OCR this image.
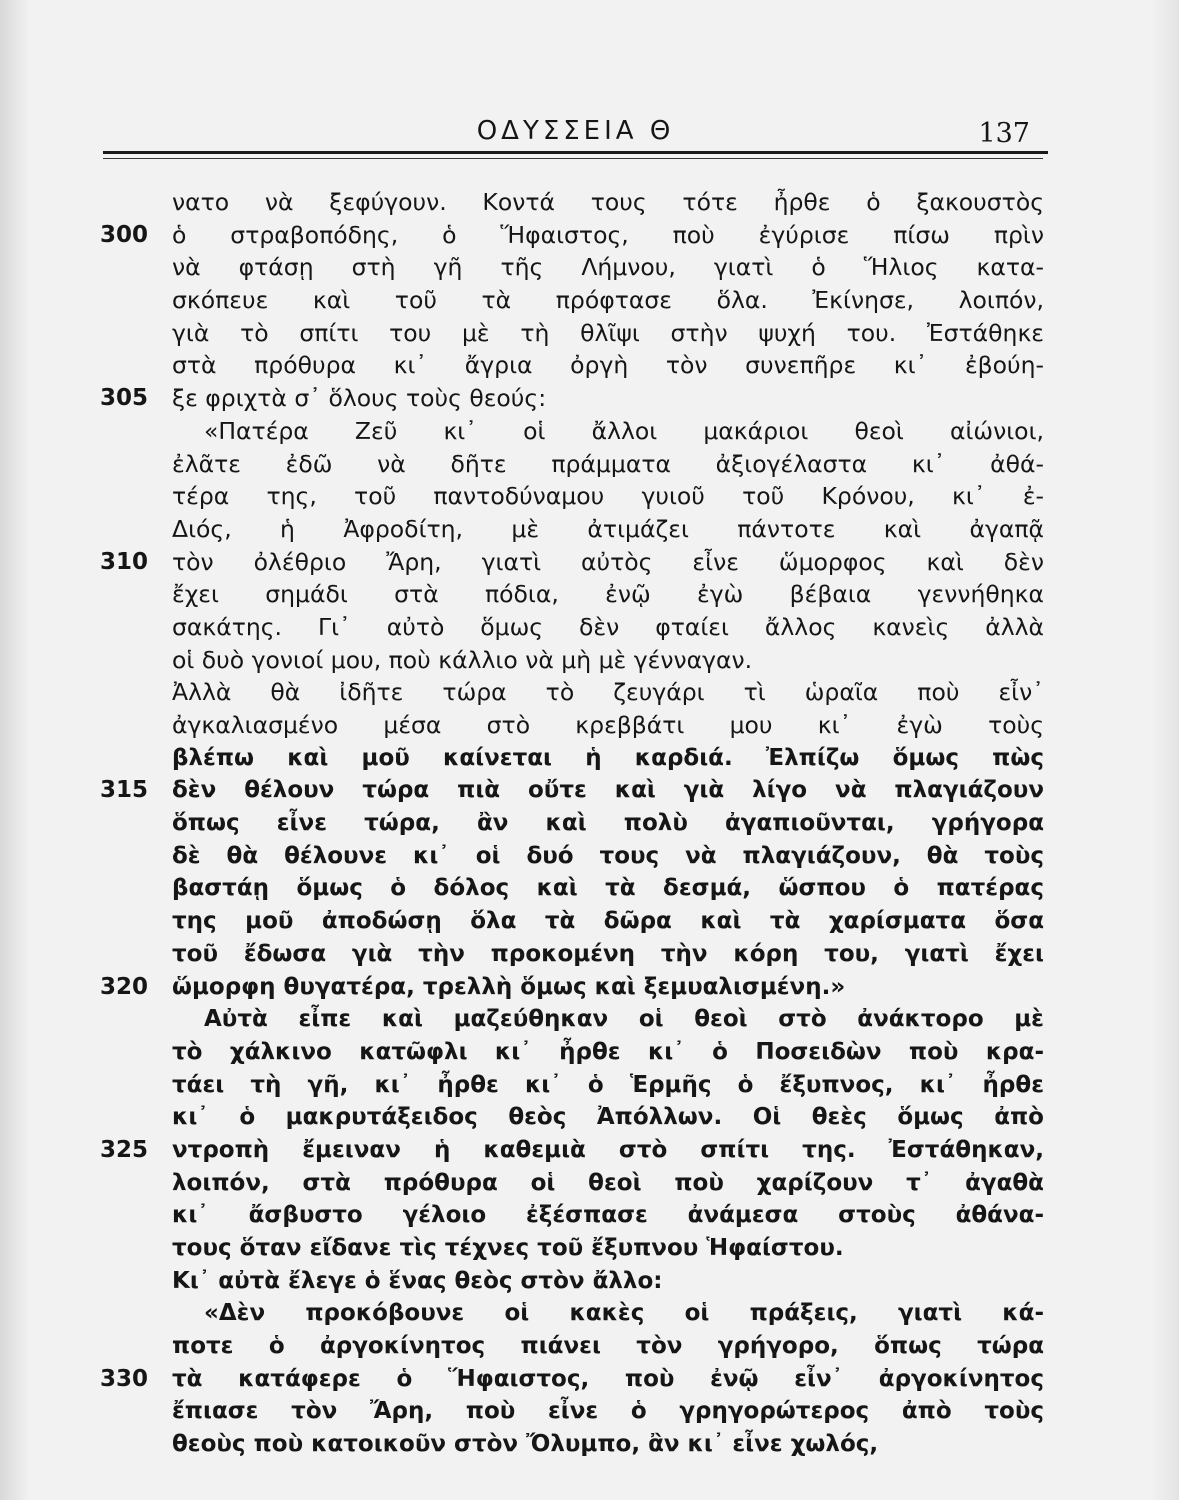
ΟΔΥΣΣΕΙΑ Θ	137
νατο νὰ ξεφύγουν. Κοντά τους τότε ἦρθε ὁ ξακουστὸς
300	ὁ στραβοπόδης, ὁ Ἥφαιστος, ποὺ ἐγύρισε πίσω πρὶν
νὰ φτάσῃ στὴ γῆ τῆς Λήμνου, γιατὶ ὁ Ἥλιος κατα-
σκόπευε καὶ τοῦ τὰ πρόφτασε ὅλα. Ἐκίνησε, λοιπόν,
γιὰ τὸ σπίτι του μὲ τὴ θλῖψι στὴν ψυχή του. Ἐστάθηκε
στὰ πρόθυρα κι᾽ ἄγρια ὀργὴ τὸν συνεπῆρε κι᾽ ἐβούη-
305	ξε φριχτὰ σ᾽ ὅλους τοὺς θεούς:
«Πατέρα Ζεῦ κι᾽ οἱ ἄλλοι μακάριοι θεοὶ αἰώνιοι,
ἐλᾶτε ἐδῶ νὰ δῆτε πράμματα ἀξιογέλαστα κι᾽ ἀθά-
τέρα της, τοῦ παντοδύναμου γυιοῦ τοῦ Κρόνου, κι᾽ ἐ-
Διός, ἡ Ἀφροδίτη, μὲ ἀτιμάζει πάντοτε καὶ ἀγαπᾷ
310	τὸν ὀλέθριο Ἄρη, γιατὶ αὐτὸς εἶνε ὥμορφος καὶ δὲν
ἔχει σημάδι στὰ πόδια, ἐνῷ ἐγὼ βέβαια γεννήθηκα
σακάτης. Γι᾽ αὐτὸ ὅμως δὲν φταίει ἄλλος κανεὶς ἀλλὰ
οἱ δυὸ γονιοί μου, ποὺ κάλλιο νὰ μὴ μὲ γένναγαν.
Ἀλλὰ θὰ ἰδῆτε τώρα τὸ ζευγάρι τὶ ὡραῖα ποὺ εἶν᾽
ἀγκαλιασμένο μέσα στὸ κρεββάτι μου κι᾽ ἐγὼ τοὺς
βλέπω καὶ μοῦ καίνεται ἡ καρδιά. Ἐλπίζω ὅμως πὼς
315	δὲν θέλουν τώρα πιὰ οὔτε καὶ γιὰ λίγο νὰ πλαγιάζουν
ὅπως εἶνε τώρα, ἂν καὶ πολὺ ἀγαπιοῦνται, γρήγορα
δὲ θὰ θέλουνε κι᾽ οἱ δυό τους νὰ πλαγιάζουν, θὰ τοὺς
βαστάῃ ὅμως ὁ δόλος καὶ τὰ δεσμά, ὥσπου ὁ πατέρας
της μοῦ ἀποδώσῃ ὅλα τὰ δῶρα καὶ τὰ χαρίσματα ὅσα
τοῦ ἔδωσα γιὰ τὴν προκομένη τὴν κόρη του, γιατὶ ἔχει
320	ὥμορφη θυγατέρα, τρελλὴ ὅμως καὶ ξεμυαλισμένη.»
Αὐτὰ εἶπε καὶ μαζεύθηκαν οἱ θεοὶ στὸ ἀνάκτορο μὲ
τὸ χάλκινο κατῶφλι κι᾽ ἦρθε κι᾽ ὁ Ποσειδὼν ποὺ κρα-
τάει τὴ γῆ, κι᾽ ἦρθε κι᾽ ὁ Ἑρμῆς ὁ ἔξυπνος, κι᾽ ἦρθε
κι᾽ ὁ μακρυτάξειδος θεὸς Ἀπόλλων. Οἱ θεὲς ὅμως ἀπὸ
325	ντροπὴ ἔμειναν ἡ καθεμιὰ στὸ σπίτι της. Ἐστάθηκαν,
λοιπόν, στὰ πρόθυρα οἱ θεοὶ ποὺ χαρίζουν τ᾽ ἀγαθὰ
κι᾽ ἄσβυστο γέλοιο ἐξέσπασε ἀνάμεσα στοὺς ἀθάνα-
τους ὅταν εἴδανε τὶς τέχνες τοῦ ἔξυπνου Ἡφαίστου.
Κι᾽ αὐτὰ ἔλεγε ὁ ἕνας θεὸς στὸν ἄλλο:
«Δὲν προκόβουνε οἱ κακὲς οἱ πράξεις, γιατὶ κά-
ποτε ὁ ἀργοκίνητος πιάνει τὸν γρήγορο, ὅπως τώρα
330	τὰ κατάφερε ὁ Ἥφαιστος, ποὺ ἐνῷ εἶν᾽ ἀργοκίνητος
ἔπιασε τὸν Ἄρη, ποὺ εἶνε ὁ γρηγορώτερος ἀπὸ τοὺς
θεοὺς ποὺ κατοικοῦν στὸν Ὄλυμπο, ἂν κι᾽ εἶνε χωλός,
